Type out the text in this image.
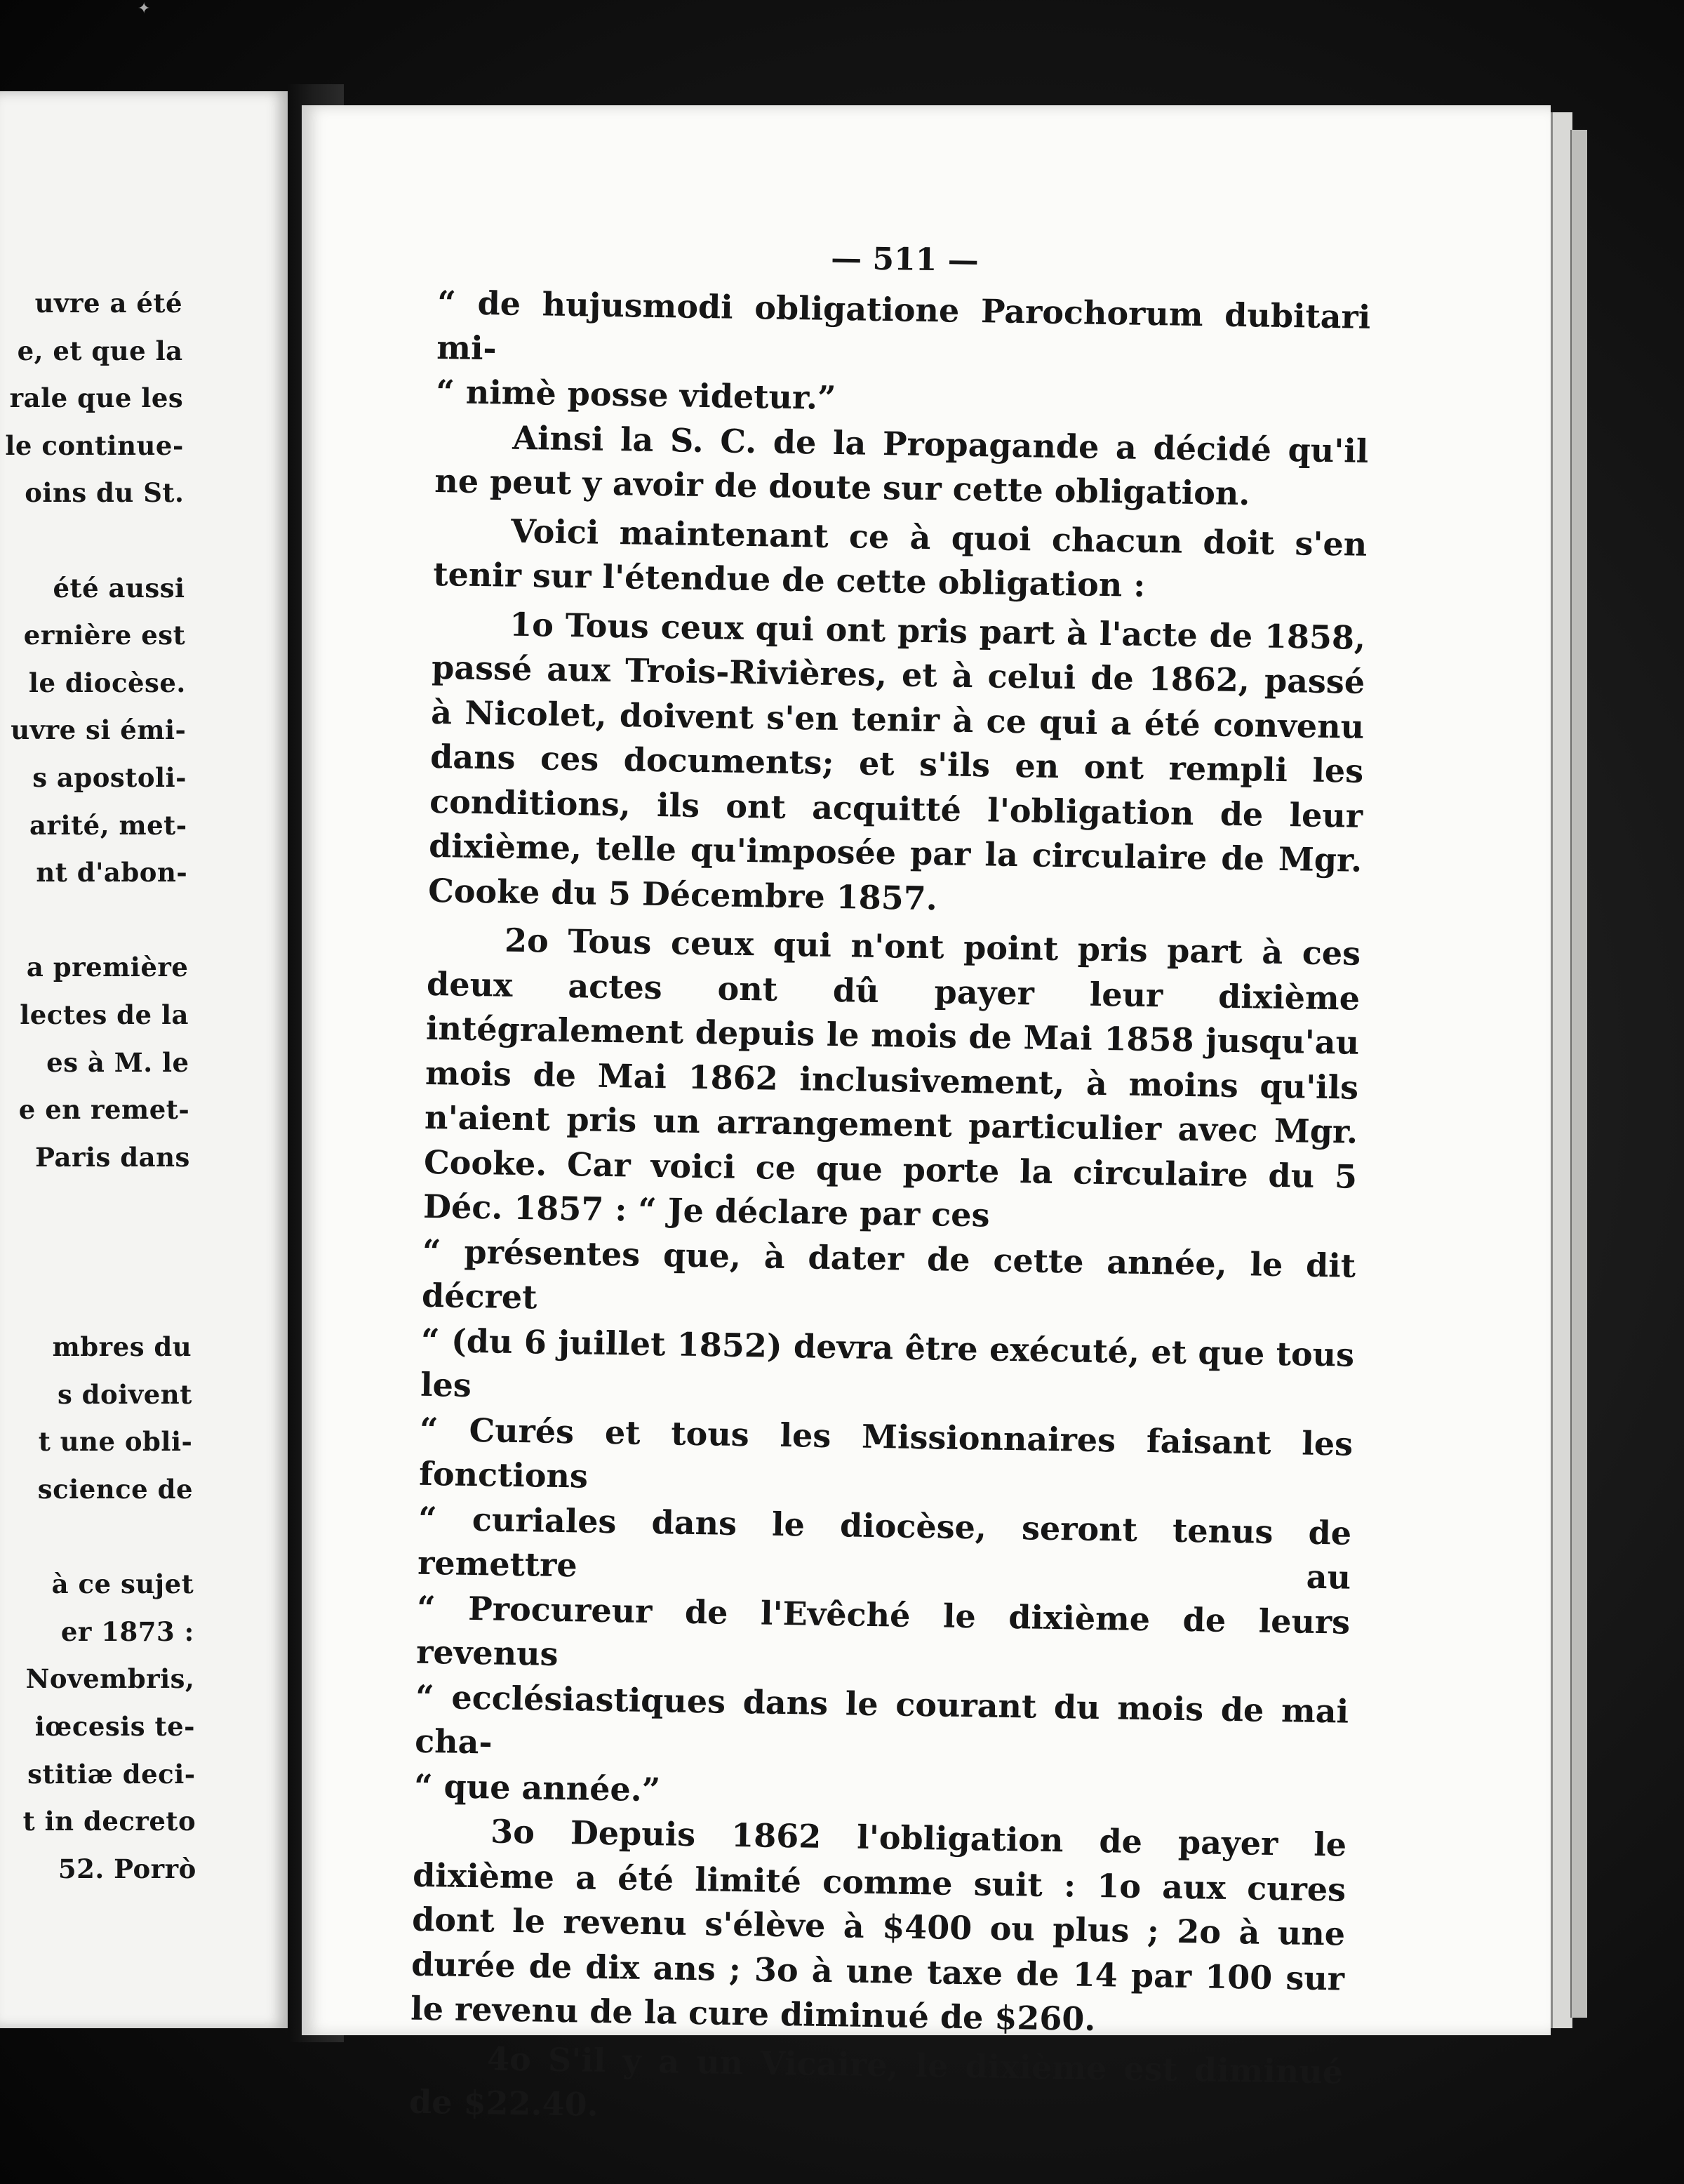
✦
uvre a été
e, et que la
rale que les
le continue-
oins du St.
été aussi
ernière est
le diocèse.
uvre si émi-
s apostoli-
arité, met-
nt d'abon-
a première
lectes de la
es à M. le
e en remet-
Paris dans
mbres du
s doivent
t une obli-
science de
à ce sujet
er 1873 :
Novembris,
iœcesis te-
stitiæ deci-
t in decreto
52. Porrò
— 511 —
“ de hujusmodi obligatione Parochorum dubitari mi-
“ nimè posse videtur.”

Ainsi la S. C. de la Propagande a décidé qu'il ne peut y avoir de doute sur cette obligation.

Voici maintenant ce à quoi chacun doit s'en tenir sur l'étendue de cette obligation :

1o Tous ceux qui ont pris part à l'acte de 1858, passé aux Trois-Rivières, et à celui de 1862, passé à Nicolet, doivent s'en tenir à ce qui a été convenu dans ces documents; et s'ils en ont rempli les conditions, ils ont acquitté l'obligation de leur dixième, telle qu'imposée par la circulaire de Mgr. Cooke du 5 Décembre 1857.

2o Tous ceux qui n'ont point pris part à ces deux actes ont dû payer leur dixième intégralement depuis le mois de Mai 1858 jusqu'au mois de Mai 1862 inclusivement, à moins qu'ils n'aient pris un arrangement particulier avec Mgr. Cooke. Car voici ce que porte la circulaire du 5 Déc. 1857 : “ Je déclare par ces

“ présentes que, à dater de cette année, le dit décret
“ (du 6 juillet 1852) devra être exécuté, et que tous les
“ Curés et tous les Missionnaires faisant les fonctions
“ curiales dans le diocèse, seront tenus de remettre au
“ Procureur de l'Evêché le dixième de leurs revenus
“ ecclésiastiques dans le courant du mois de mai cha-
“ que année.”

3o Depuis 1862 l'obligation de payer le dixième a été limité comme suit : 1o aux cures dont le revenu s'élève à $400 ou plus ; 2o à une durée de dix ans ; 3o à une taxe de 14 par 100 sur le revenu de la cure diminué de $260.

4o S'il y a un Vicaire, le dixième est diminué de $22.40.
